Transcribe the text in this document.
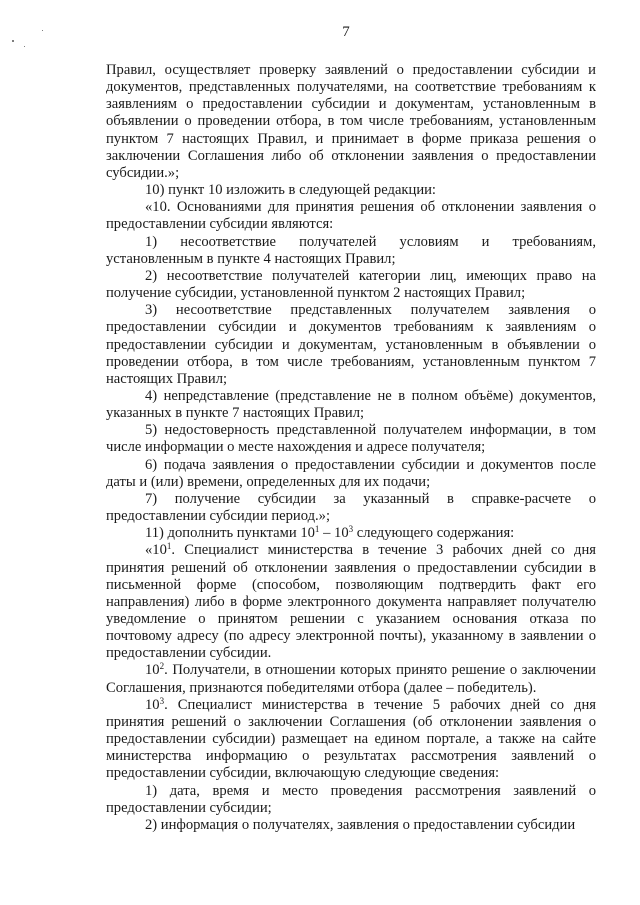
7

Правил, осуществляет проверку заявлений о предоставлении субсидии и документов, представленных получателями, на соответствие требованиям к заявлениям о предоставлении субсидии и документам, установленным в объявлении о проведении отбора, в том числе требованиям, установленным пунктом 7 настоящих Правил, и принимает в форме приказа решения о заключении Соглашения либо об отклонении заявления о предоставлении субсидии.»;

10) пункт 10 изложить в следующей редакции:

«10. Основаниями для принятия решения об отклонении заявления о предоставлении субсидии являются:

1) несоответствие получателей условиям и требованиям, установленным в пункте 4 настоящих Правил;

2) несоответствие получателей категории лиц, имеющих право на получение субсидии, установленной пунктом 2 настоящих Правил;

3) несоответствие представленных получателем заявления о предоставлении субсидии и документов требованиям к заявлениям о предоставлении субсидии и документам, установленным в объявлении о проведении отбора, в том числе требованиям, установленным пунктом 7 настоящих Правил;

4) непредставление (представление не в полном объёме) документов, указанных в пункте 7 настоящих Правил;

5) недостоверность представленной получателем информации, в том числе информации о месте нахождения и адресе получателя;

6) подача заявления о предоставлении субсидии и документов после даты и (или) времени, определенных для их подачи;

7) получение субсидии за указанный в справке-расчете о предоставлении субсидии период.»;

11) дополнить пунктами $10^1 - 10^3$ следующего содержания:

«$10^1$. Специалист министерства в течение 3 рабочих дней со дня принятия решений об отклонении заявления о предоставлении субсидии в письменной форме (способом, позволяющим подтвердить факт его направления) либо в форме электронного документа направляет получателю уведомление о принятом решении с указанием основания отказа по почтовому адресу (по адресу электронной почты), указанному в заявлении о предоставлении субсидии.

$10^2$. Получатели, в отношении которых принято решение о заключении Соглашения, признаются победителями отбора (далее – победитель).

$10^3$. Специалист министерства в течение 5 рабочих дней со дня принятия решений о заключении Соглашения (об отклонении заявления о предоставлении субсидии) размещает на едином портале, а также на сайте министерства информацию о результатах рассмотрения заявлений о предоставлении субсидии, включающую следующие сведения:

1) дата, время и место проведения рассмотрения заявлений о предоставлении субсидии;

2) информация о получателях, заявления о предоставлении субсидии
